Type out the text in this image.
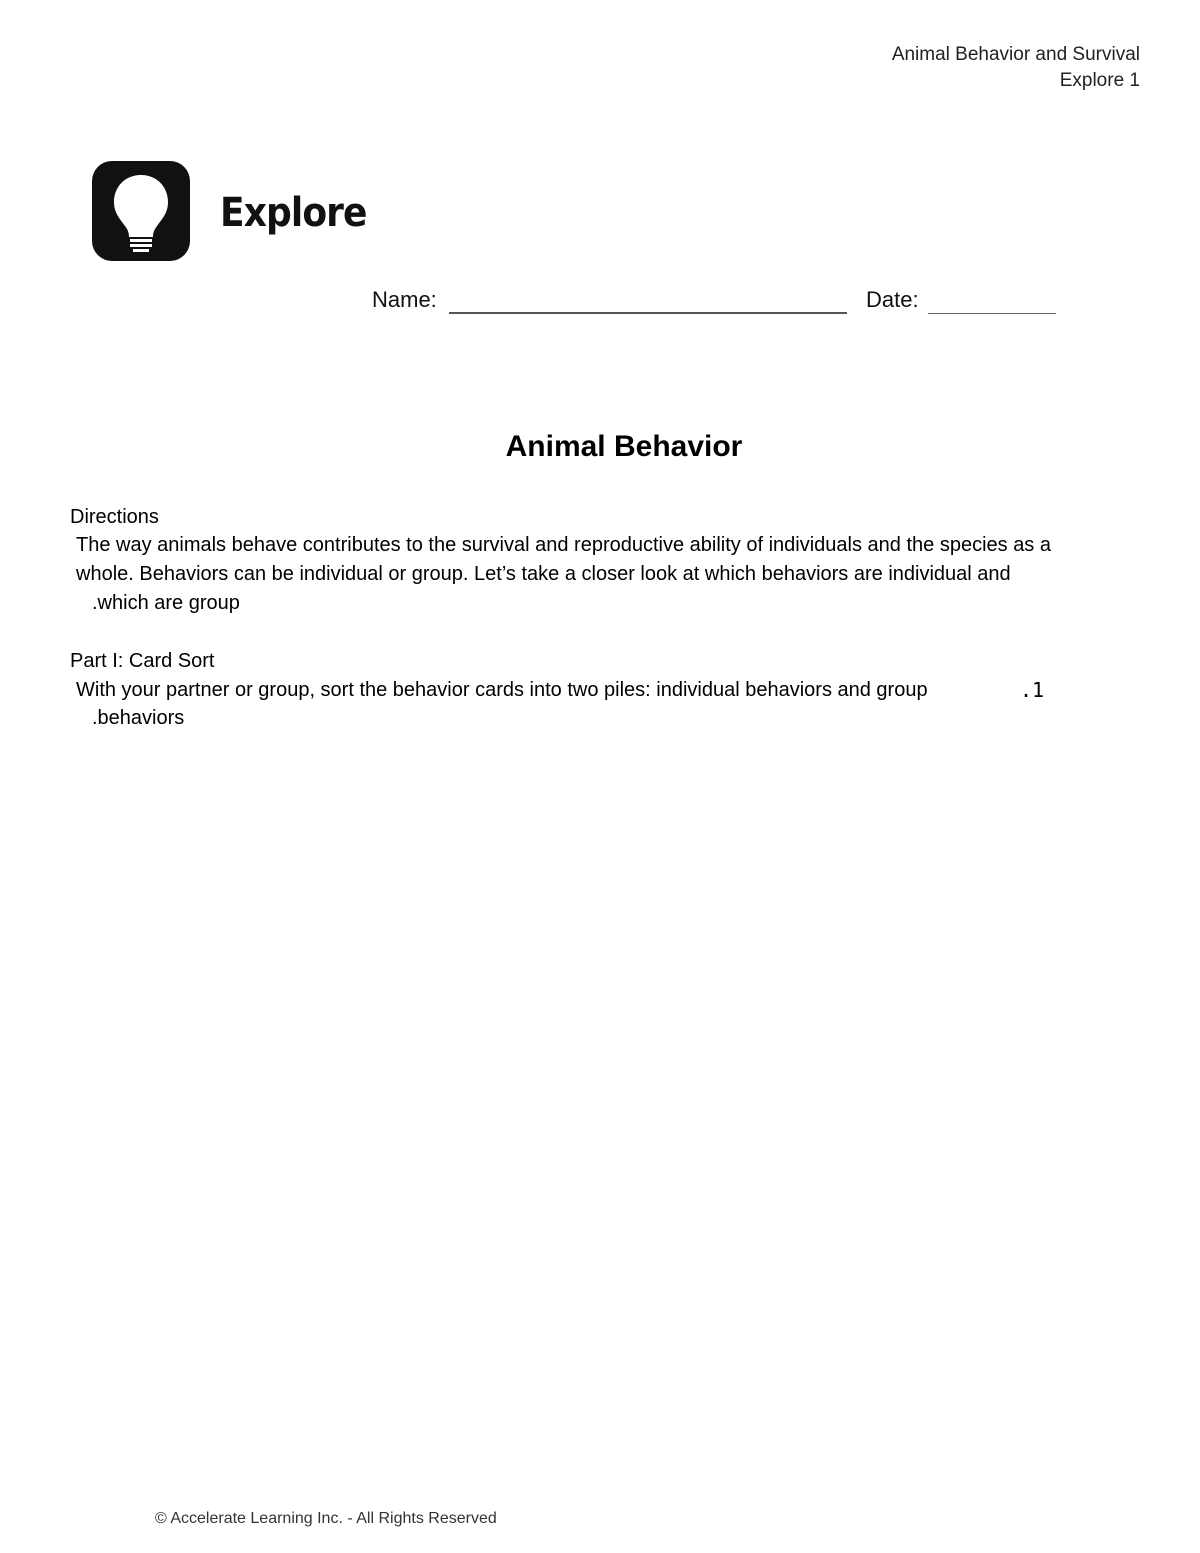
Animal Behavior and Survival
Explore 1
Explore
Name:	Date:
Animal Behavior
Directions
The way animals behave contributes to the survival and reproductive ability of individuals and the species as a
whole. Behaviors can be individual or group. Let’s take a closer look at which behaviors are individual and
.which are group
Part I: Card Sort
With your partner or group, sort the behavior cards into two piles: individual behaviors and group	.1
.behaviors
© Accelerate Learning Inc. - All Rights Reserved
